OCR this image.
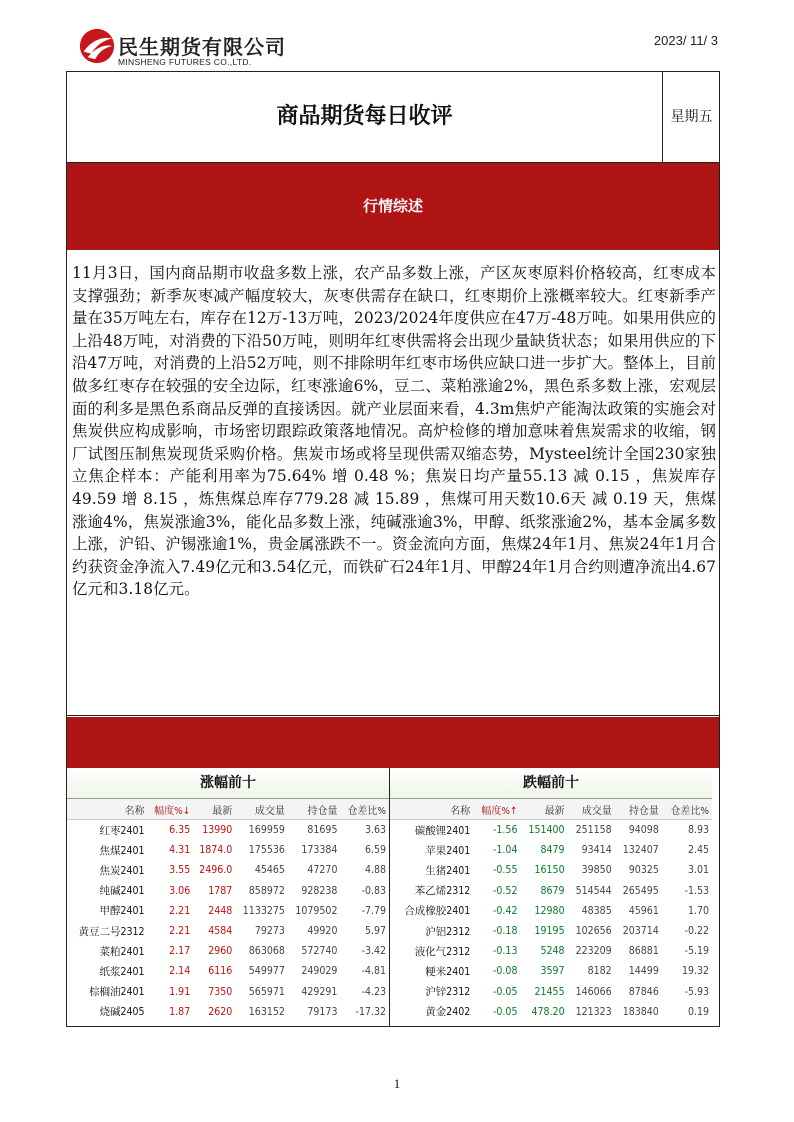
民生期货有限公司
MINSHENG FUTURES CO.,LTD.
2023/ 11/ 3
商品期货每日收评	星期五
行情综述
11月3日，国内商品期市收盘多数上涨，农产品多数上涨，产区灰枣原料价格较高，红枣成本支撑强劲；新季灰枣减产幅度较大，灰枣供需存在缺口，红枣期价上涨概率较大。红枣新季产量在35万吨左右，库存在12万-13万吨，2023/2024年度供应在47万-48万吨。如果用供应的上沿48万吨，对消费的下沿50万吨，则明年红枣供需将会出现少量缺货状态；如果用供应的下沿47万吨，对消费的上沿52万吨，则不排除明年红枣市场供应缺口进一步扩大。整体上，目前做多红枣存在较强的安全边际，红枣涨逾6%，豆二、菜粕涨逾2%，黑色系多数上涨，宏观层面的利多是黑色系商品反弹的直接诱因。就产业层面来看，4.3m焦炉产能淘汰政策的实施会对焦炭供应构成影响，市场密切跟踪政策落地情况。高炉检修的增加意味着焦炭需求的收缩，钢厂试图压制焦炭现货采购价格。焦炭市场或将呈现供需双缩态势，Mysteel统计全国230家独立焦企样本：产能利用率为75.64% 增 0.48 %；焦炭日均产量55.13 减 0.15 ，焦炭库存49.59 增 8.15 ，炼焦煤总库存779.28 减 15.89 ，焦煤可用天数10.6天 减 0.19 天，焦煤涨逾4%，焦炭涨逾3%，能化品多数上涨，纯碱涨逾3%，甲醇、纸浆涨逾2%，基本金属多数上涨，沪铅、沪锡涨逾1%，贵金属涨跌不一。资金流向方面，焦煤24年1月、焦炭24年1月合约获资金净流入7.49亿元和3.54亿元，而铁矿石24年1月、甲醇24年1月合约则遭净流出4.67亿元和3.18亿元。
涨幅前十
名称	幅度%↓	最新	成交量	持仓量	仓差比%
红枣2401	6.35	13990	169959	81695	3.63
焦煤2401	4.31	1874.0	175536	173384	6.59
焦炭2401	3.55	2496.0	45465	47270	4.88
纯碱2401	3.06	1787	858972	928238	-0.83
甲醇2401	2.21	2448	1133275	1079502	-7.79
黄豆二号2312	2.21	4584	79273	49920	5.97
菜粕2401	2.17	2960	863068	572740	-3.42
纸浆2401	2.14	6116	549977	249029	-4.81
棕榈油2401	1.91	7350	565971	429291	-4.23
烧碱2405	1.87	2620	163152	79173	-17.32
跌幅前十
名称	幅度%↑	最新	成交量	持仓量	仓差比%
碳酸锂2401	-1.56	151400	251158	94098	8.93
苹果2401	-1.04	8479	93414	132407	2.45
生猪2401	-0.55	16150	39850	90325	3.01
苯乙烯2312	-0.52	8679	514544	265495	-1.53
合成橡胶2401	-0.42	12980	48385	45961	1.70
沪铝2312	-0.18	19195	102656	203714	-0.22
液化气2312	-0.13	5248	223209	86881	-5.19
粳米2401	-0.08	3597	8182	14499	19.32
沪锌2312	-0.05	21455	146066	87846	-5.93
黄金2402	-0.05	478.20	121323	183840	0.19
1
